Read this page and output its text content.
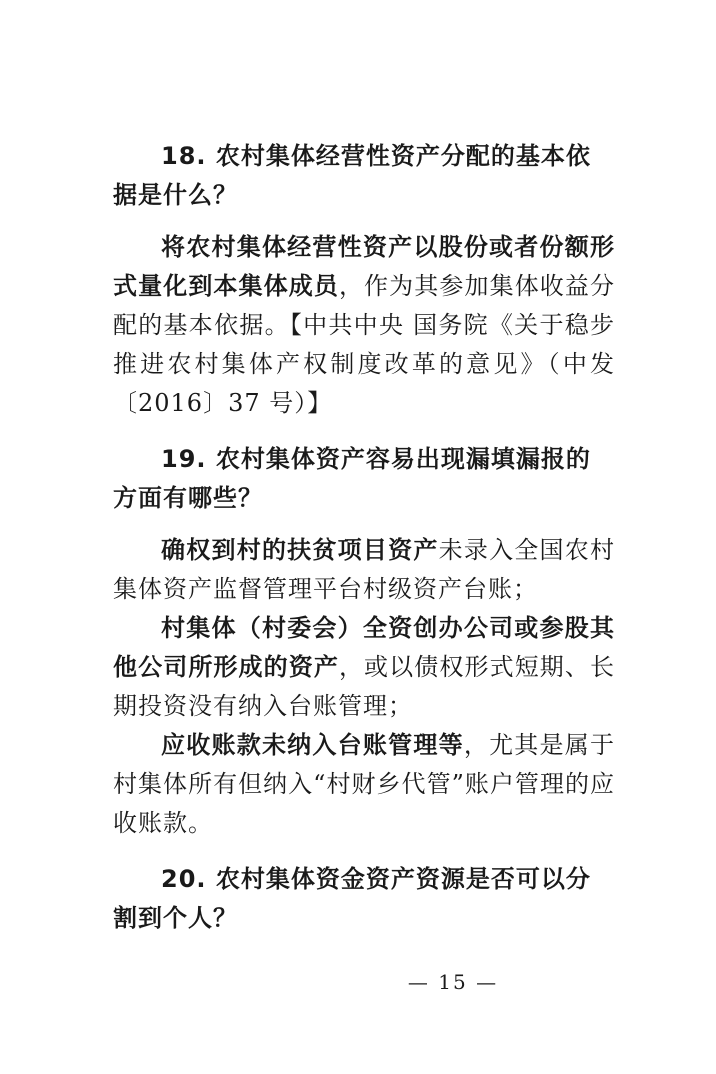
18. 农村集体经营性资产分配的基本依据是什么？

将农村集体经营性资产以股份或者份额形式量化到本集体成员，作为其参加集体收益分配的基本依据。【中共中央 国务院《关于稳步推进农村集体产权制度改革的意见》（中发〔2016〕37 号）】

19. 农村集体资产容易出现漏填漏报的方面有哪些？

确权到村的扶贫项目资产未录入全国农村集体资产监督管理平台村级资产台账；

村集体（村委会）全资创办公司或参股其他公司所形成的资产，或以债权形式短期、长期投资没有纳入台账管理；

应收账款未纳入台账管理等，尤其是属于村集体所有但纳入“村财乡代管”账户管理的应收账款。

20. 农村集体资金资产资源是否可以分割到个人？

— 15 —
